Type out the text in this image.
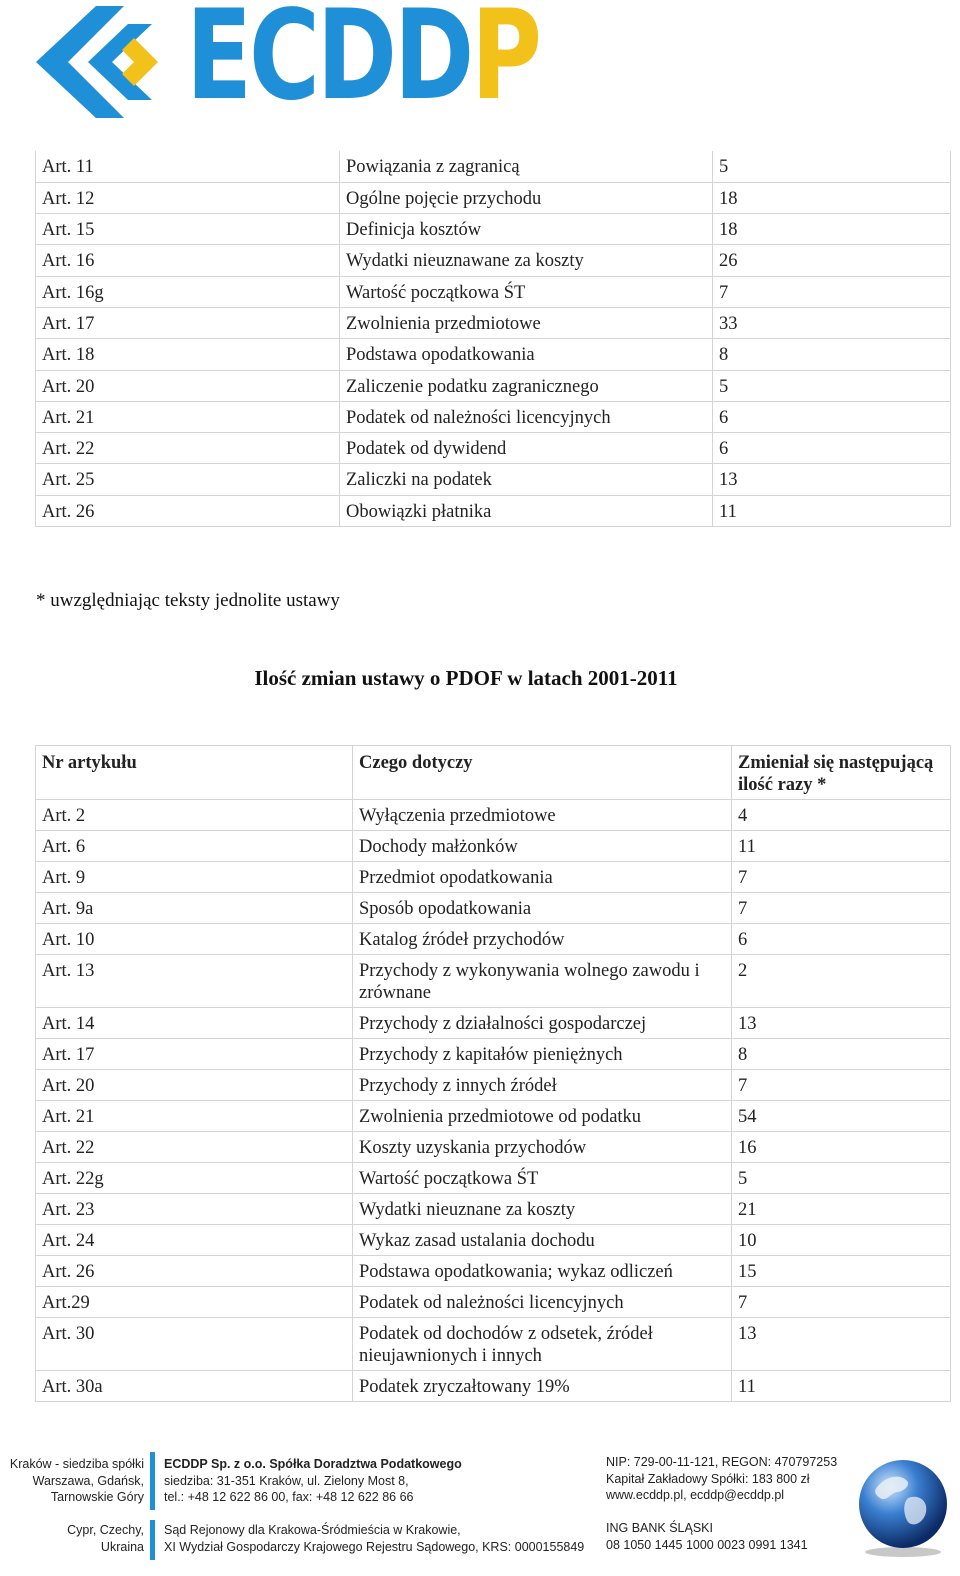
ECDDP
Art. 11	Powiązania z zagranicą	5
Art. 12	Ogólne pojęcie przychodu	18
Art. 15	Definicja kosztów	18
Art. 16	Wydatki nieuznawane za koszty	26
Art. 16g	Wartość początkowa ŚT	7
Art. 17	Zwolnienia przedmiotowe	33
Art. 18	Podstawa opodatkowania	8
Art. 20	Zaliczenie podatku zagranicznego	5
Art. 21	Podatek od należności licencyjnych	6
Art. 22	Podatek od dywidend	6
Art. 25	Zaliczki na podatek	13
Art. 26	Obowiązki płatnika	11
* uwzględniając teksty jednolite ustawy
Ilość zmian ustawy o PDOF w latach 2001-2011
Nr artykułu	Czego dotyczy	Zmieniał się następującą ilość razy *
Art. 2	Wyłączenia przedmiotowe	4
Art. 6	Dochody małżonków	11
Art. 9	Przedmiot opodatkowania	7
Art. 9a	Sposób opodatkowania	7
Art. 10	Katalog źródeł przychodów	6
Art. 13	Przychody z wykonywania wolnego zawodu i zrównane	2
Art. 14	Przychody z działalności gospodarczej	13
Art. 17	Przychody z kapitałów pieniężnych	8
Art. 20	Przychody z innych źródeł	7
Art. 21	Zwolnienia przedmiotowe od podatku	54
Art. 22	Koszty uzyskania przychodów	16
Art. 22g	Wartość początkowa ŚT	5
Art. 23	Wydatki nieuznane za koszty	21
Art. 24	Wykaz zasad ustalania dochodu	10
Art. 26	Podstawa opodatkowania; wykaz odliczeń	15
Art.29	Podatek od należności licencyjnych	7
Art. 30	Podatek od dochodów z odsetek, źródeł nieujawnionych i innych	13
Art. 30a	Podatek zryczałtowany 19%	11
Kraków - siedziba spółki
Warszawa, Gdańsk,
Tarnowskie Góry
Cypr, Czechy,
Ukraina
ECDDP Sp. z o.o. Spółka Doradztwa Podatkowego
siedziba: 31-351 Kraków, ul. Zielony Most 8,
tel.: +48 12 622 86 00, fax: +48 12 622 86 66
Sąd Rejonowy dla Krakowa-Śródmieścia w Krakowie,
XI Wydział Gospodarczy Krajowego Rejestru Sądowego, KRS: 0000155849
NIP: 729-00-11-121, REGON: 470797253
Kapitał Zakładowy Spółki: 183 800 zł
www.ecddp.pl, ecddp@ecddp.pl
ING BANK ŚLĄSKI
08 1050 1445 1000 0023 0991 1341
